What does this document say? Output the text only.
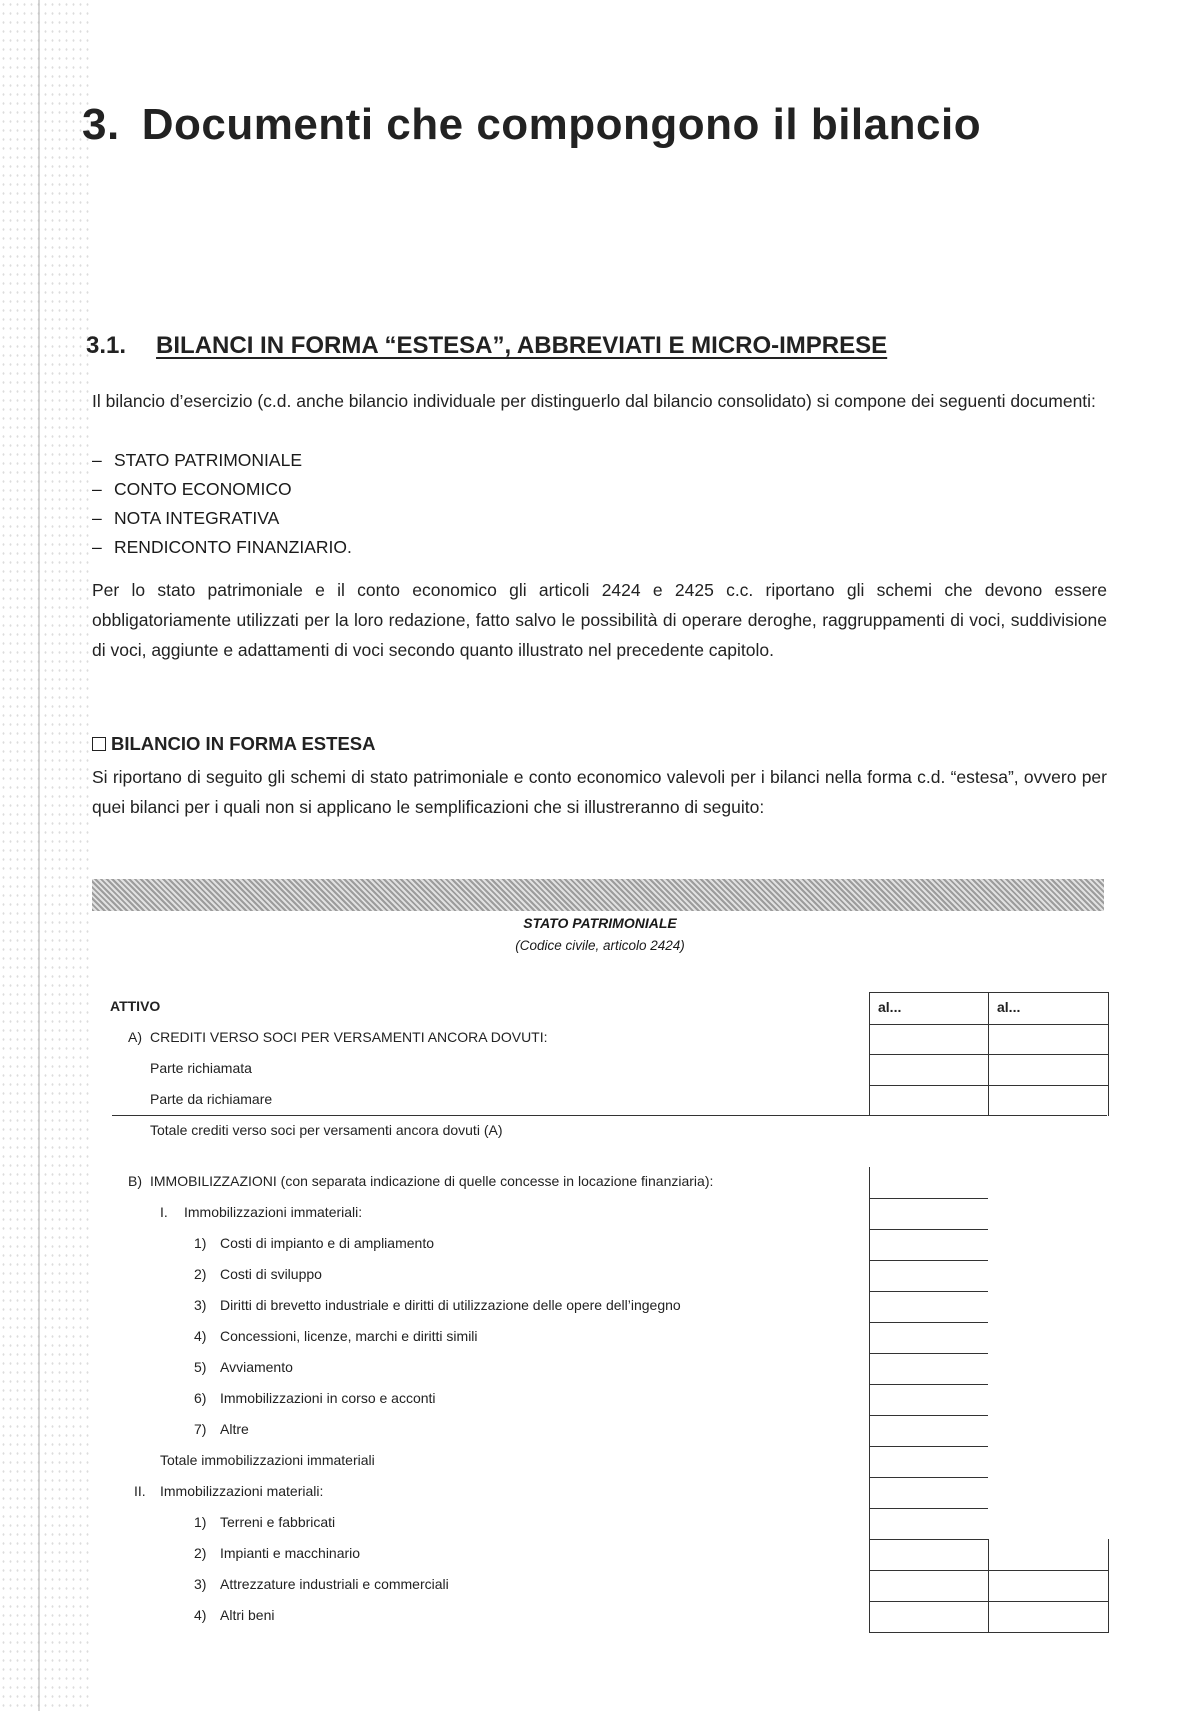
3. Documenti che compongono il bilancio
3.1. BILANCI IN FORMA “ESTESA”, ABBREVIATI E MICRO-IMPRESE

Il bilancio d’esercizio (c.d. anche bilancio individuale per distinguerlo dal bilancio consolidato) si compone dei seguenti documenti:

– STATO PATRIMONIALE
– CONTO ECONOMICO
– NOTA INTEGRATIVA
– RENDICONTO FINANZIARIO.

Per lo stato patrimoniale e il conto economico gli articoli 2424 e 2425 c.c. riportano gli schemi che devono essere obbligatoriamente utilizzati per la loro redazione, fatto salvo le possibilità di operare deroghe, raggruppamenti di voci, suddivisione di voci, aggiunte e adattamenti di voci secondo quanto illustrato nel precedente capitolo.

BILANCIO IN FORMA ESTESA

Si riportano di seguito gli schemi di stato patrimoniale e conto economico valevoli per i bilanci nella forma c.d. “estesa”, ovvero per quei bilanci per i quali non si applicano le semplificazioni che si illustreranno di seguito:

STATO PATRIMONIALE
(Codice civile, articolo 2424)
ATTIVO	al...	al...
A) CREDITI VERSO SOCI PER VERSAMENTI ANCORA DOVUTI:
Parte richiamata
Parte da richiamare
Totale crediti verso soci per versamenti ancora dovuti (A)
B) IMMOBILIZZAZIONI (con separata indicazione di quelle concesse in locazione finanziaria):
I. Immobilizzazioni immateriali:
1) Costi di impianto e di ampliamento
2) Costi di sviluppo
3) Diritti di brevetto industriale e diritti di utilizzazione delle opere dell’ingegno
4) Concessioni, licenze, marchi e diritti simili
5) Avviamento
6) Immobilizzazioni in corso e acconti
7) Altre
Totale immobilizzazioni immateriali
II. Immobilizzazioni materiali:
1) Terreni e fabbricati
2) Impianti e macchinario
3) Attrezzature industriali e commerciali
4) Altri beni
